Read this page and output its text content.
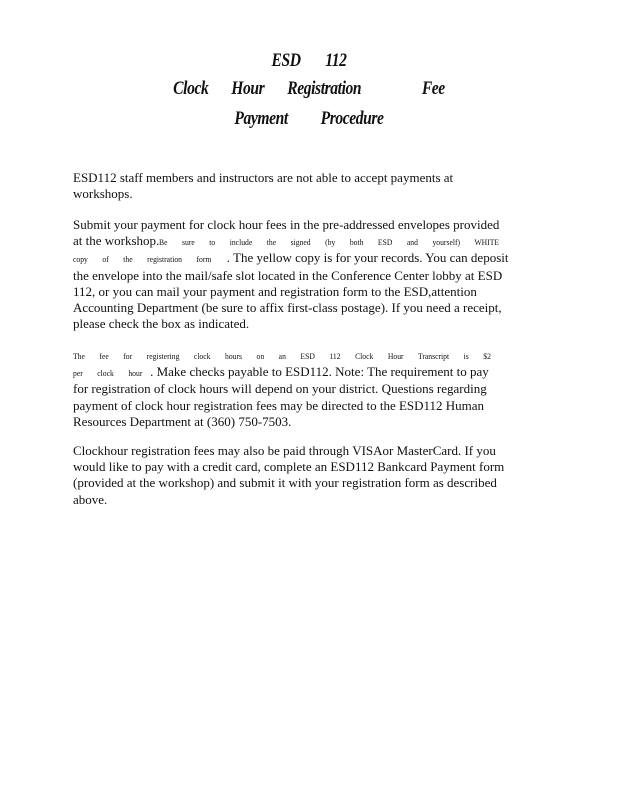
ESD 112
Clock Hour Registration	Fee
Payment Procedure
ESD112 staff members and instructors are not able to accept payments at
workshops.
Submit your payment for clock hour fees in the pre-addressed envelopes provided
at the workshop.Be sure to include the signed (by both ESD and yourself) WHITE
copy of the registration form . The yellow copy is for your records. You can deposit
the envelope into the mail/safe slot located in the Conference Center lobby at ESD
112, or you can mail your payment and registration form to the ESD,attention
Accounting Department (be sure to affix first-class postage). If you need a receipt,
please check the box as indicated.
The fee for registering clock hours on an ESD 112 Clock Hour Transcript is $2
per clock hour . Make checks payable to ESD112. Note: The requirement to pay
for registration of clock hours will depend on your district. Questions regarding
payment of clock hour registration fees may be directed to the ESD112 Human
Resources Department at (360) 750-7503.
Clockhour registration fees may also be paid through VISAor MasterCard. If you
would like to pay with a credit card, complete an ESD112 Bankcard Payment form
(provided at the workshop) and submit it with your registration form as described
above.
